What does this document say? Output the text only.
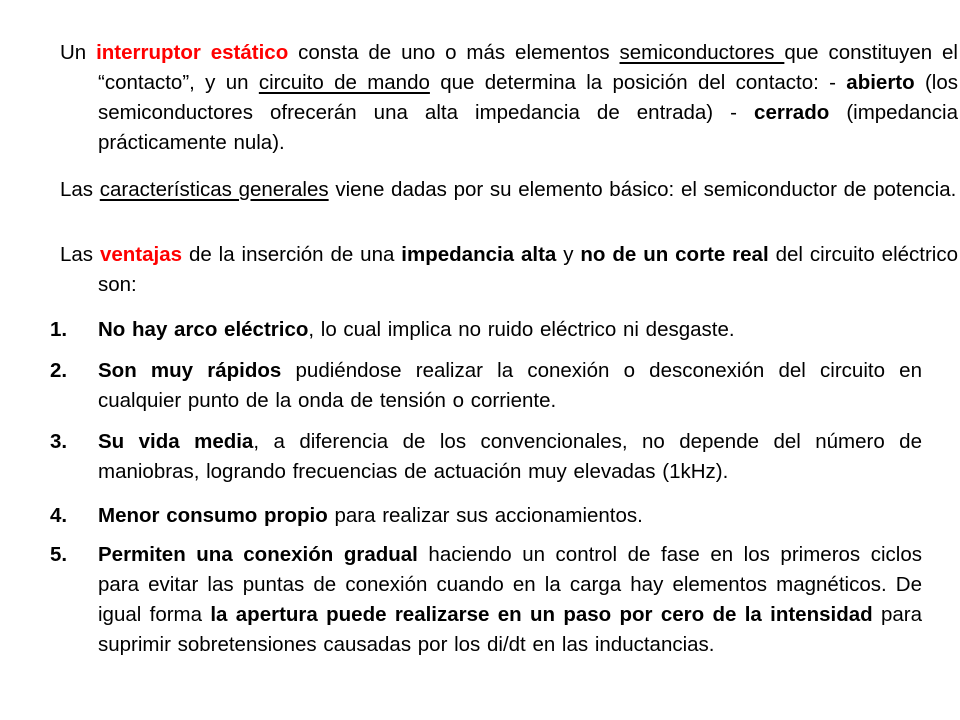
Un interruptor estático consta de uno o más elementos semiconductores que constituyen el “contacto”, y un circuito de mando que determina la posición del contacto: - abierto (los semiconductores ofrecerán una alta impedancia de entrada) - cerrado (impedancia prácticamente nula).
Las características generales viene dadas por su elemento básico: el semiconductor de potencia.
Las ventajas de la inserción de una impedancia alta y no de un corte real del circuito eléctrico son:
1.	No hay arco eléctrico, lo cual implica no ruido eléctrico ni desgaste.
2.	Son muy rápidos pudiéndose realizar la conexión o desconexión del circuito en cualquier punto de la onda de tensión o corriente.
3.	Su vida media, a diferencia de los convencionales, no depende del número de maniobras, logrando frecuencias de actuación muy elevadas (1kHz).
4.	Menor consumo propio para realizar sus accionamientos.
5.	Permiten una conexión gradual haciendo un control de fase en los primeros ciclos para evitar las puntas de conexión cuando en la carga hay elementos magnéticos. De igual forma la apertura puede realizarse en un paso por cero de la intensidad para suprimir sobretensiones causadas por los di/dt en las inductancias.
